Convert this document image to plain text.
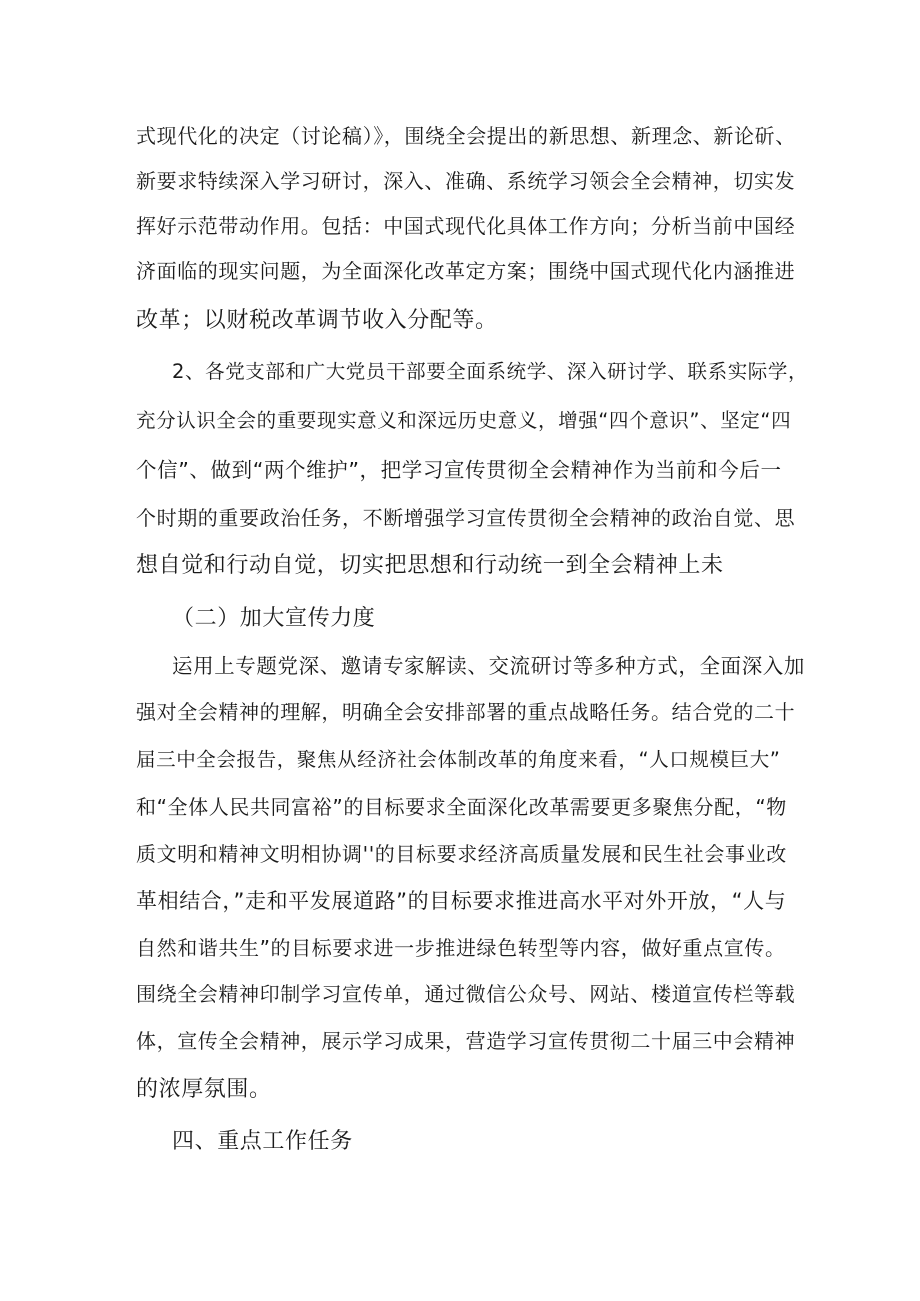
式现代化的决定（讨论稿）》，围绕全会提出的新思想、新理念、新论斫、

新要求特续深入学习研讨，深入、准确、系统学习领会全会精神，切实发

挥好示范带动作用。包括：中国式现代化具体工作方向；分析当前中国经

济面临的现实问题，为全面深化改革定方案；围绕中国式现代化内涵推进

改革；以财税改革调节收入分配等。

2、各党支部和广大党员干部要全面系统学、深入研讨学、联系实际学，

充分认识全会的重要现实意义和深远历史意义，增强“四个意识”、坚定“四

个信”、做到“两个维护”，把学习宣传贯彻全会精神作为当前和今后一

个时期的重要政治任务，不断增强学习宣传贯彻全会精神的政治自觉、思

想自觉和行动自觉，切实把思想和行动统一到全会精神上未

（二）加大宣传力度

运用上专题党深、邀请专家解读、交流研讨等多种方式，全面深入加

强对全会精神的理解，明确全会安排部署的重点战略任务。结合党的二十

届三中全会报告，聚焦从经济社会体制改革的角度来看，“人口规模巨大”

和“全体人民共同富裕”的目标要求全面深化改革需要更多聚焦分配，“物

质文明和精神文明相协调''的目标要求经济高质量发展和民生社会事业改

革相结合，”走和平发展道路”的目标要求推进高水平对外开放，“人与

自然和谐共生”的目标要求进一步推进绿色转型等内容，做好重点宣传。

围绕全会精神印制学习宣传单，通过微信公众号、网站、楼道宣传栏等载

体，宣传全会精神，展示学习成果，营造学习宣传贯彻二十届三中会精神

的浓厚氛围。

四、重点工作任务
